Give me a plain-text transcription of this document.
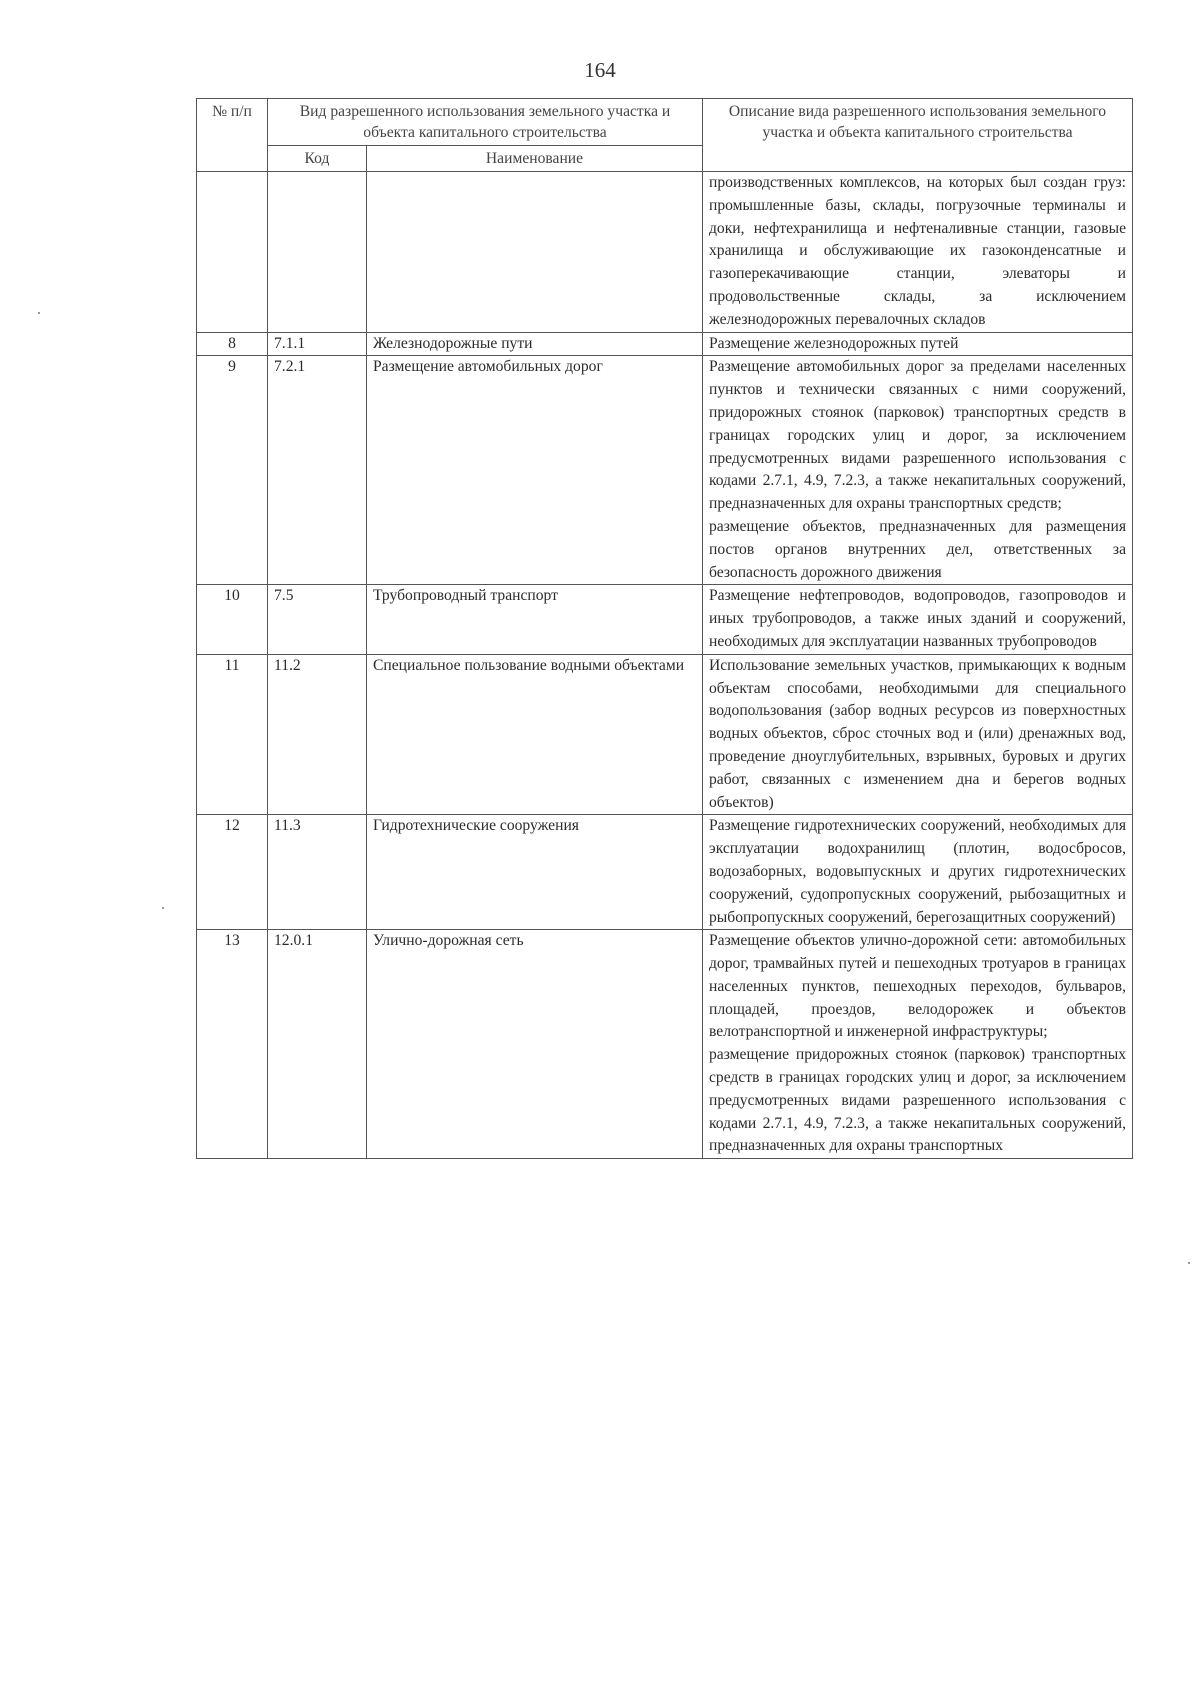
164
№ п/п	Вид разрешенного использования земельного участка и объекта капитального строительства		Описание вида разрешенного использования земельного участка и объекта капитального строительства
	Код	Наименование	

			производственных комплексов, на которых был создан груз: промышленные базы, склады, погрузочные терминалы и доки, нефтехранилища и нефтеналивные станции, газовые хранилища и обслуживающие их газоконденсатные и газоперекачивающие станции, элеваторы и продовольственные склады, за исключением железнодорожных перевалочных складов

8	7.1.1	Железнодорожные пути	Размещение железнодорожных путей

9	7.2.1	Размещение автомобильных дорог	Размещение автомобильных дорог за пределами населенных пунктов и технически связанных с ними сооружений, придорожных стоянок (парковок) транспортных средств в границах городских улиц и дорог, за исключением предусмотренных видами разрешенного использования с кодами 2.7.1, 4.9, 7.2.3, а также некапитальных сооружений, предназначенных для охраны транспортных средств;
размещение объектов, предназначенных для размещения постов органов внутренних дел, ответственных за безопасность дорожного движения

10	7.5	Трубопроводный транспорт	Размещение нефтепроводов, водопроводов, газопроводов и иных трубопроводов, а также иных зданий и сооружений, необходимых для эксплуатации названных трубопроводов

11	11.2	Специальное пользование водными объектами	Использование земельных участков, примыкающих к водным объектам способами, необходимыми для специального водопользования (забор водных ресурсов из поверхностных водных объектов, сброс сточных вод и (или) дренажных вод, проведение дноуглубительных, взрывных, буровых и других работ, связанных с изменением дна и берегов водных объектов)

12	11.3	Гидротехнические сооружения	Размещение гидротехнических сооружений, необходимых для эксплуатации водохранилищ (плотин, водосбросов, водозаборных, водовыпускных и других гидротехнических сооружений, судопропускных сооружений, рыбозащитных и рыбопропускных сооружений, берегозащитных сооружений)

13	12.0.1	Улично-дорожная сеть	Размещение объектов улично-дорожной сети: автомобильных дорог, трамвайных путей и пешеходных тротуаров в границах населенных пунктов, пешеходных переходов, бульваров, площадей, проездов, велодорожек и объектов велотранспортной и инженерной инфраструктуры;
размещение придорожных стоянок (парковок) транспортных средств в границах городских улиц и дорог, за исключением предусмотренных видами разрешенного использования с кодами 2.7.1, 4.9, 7.2.3, а также некапитальных сооружений, предназначенных для охраны транспортных
